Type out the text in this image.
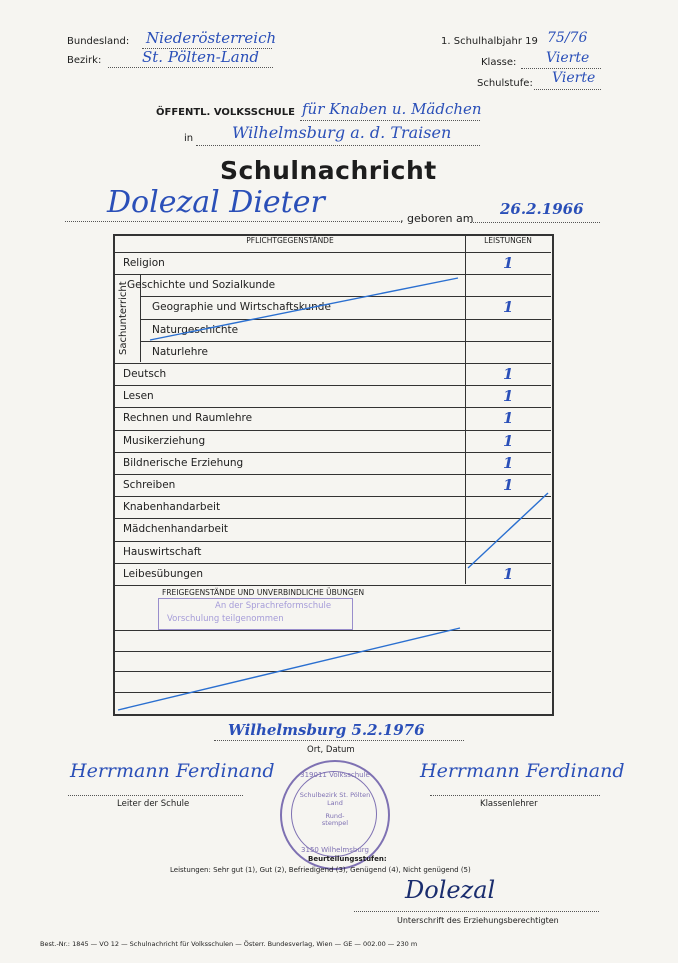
Bundesland: Niederösterreich
Bezirk:	St. Pölten-Land
1. Schulhalbjahr 19 75/76
Klasse: Vierte
Schulstufe: Vierte
ÖFFENTL. VOLKSSCHULE für Knaben u. Mädchen
in Wilhelmsburg a. d. Traisen
Schulnachricht
Dolezal Dieter	, geboren am
26.2.1966
PFLICHTGEGENSTÄNDE	LEISTUNGEN
Sachunterricht
Religion	1
Geschichte und Sozialkunde
Geographie und Wirtschaftskunde	1
Naturgeschichte
Naturlehre
Deutsch	1
Lesen	1
Rechnen und Raumlehre	1
Musikerziehung	1
Bildnerische Erziehung	1
Schreiben	1
Knabenhandarbeit
Mädchenhandarbeit
Hauswirtschaft
Leibesübungen	1
FREIGEGENSTÄNDE UND UNVERBINDLICHE ÜBUNGEN
An der Sprachreformschule
Vorschulung teilgenommen
Wilhelmsburg 5.2.1976
Ort, Datum
Herrmann Ferdinand
Leiter der Schule
Herrmann Ferdinand
Klassenlehrer
319011 Volksschule
Schulbezirk St. Pölten Land
Rund- stempel
3150 Wilhelmsburg
Beurteilungsstufen:
Leistungen: Sehr gut (1), Gut (2), Befriedigend (3), Genügend (4), Nicht genügend (5)
Dolezal
Unterschrift des Erziehungsberechtigten
Best.-Nr.: 1845 — VO 12 — Schulnachricht für Volksschulen — Österr. Bundesverlag, Wien — GE — 002.00 — 230 m
